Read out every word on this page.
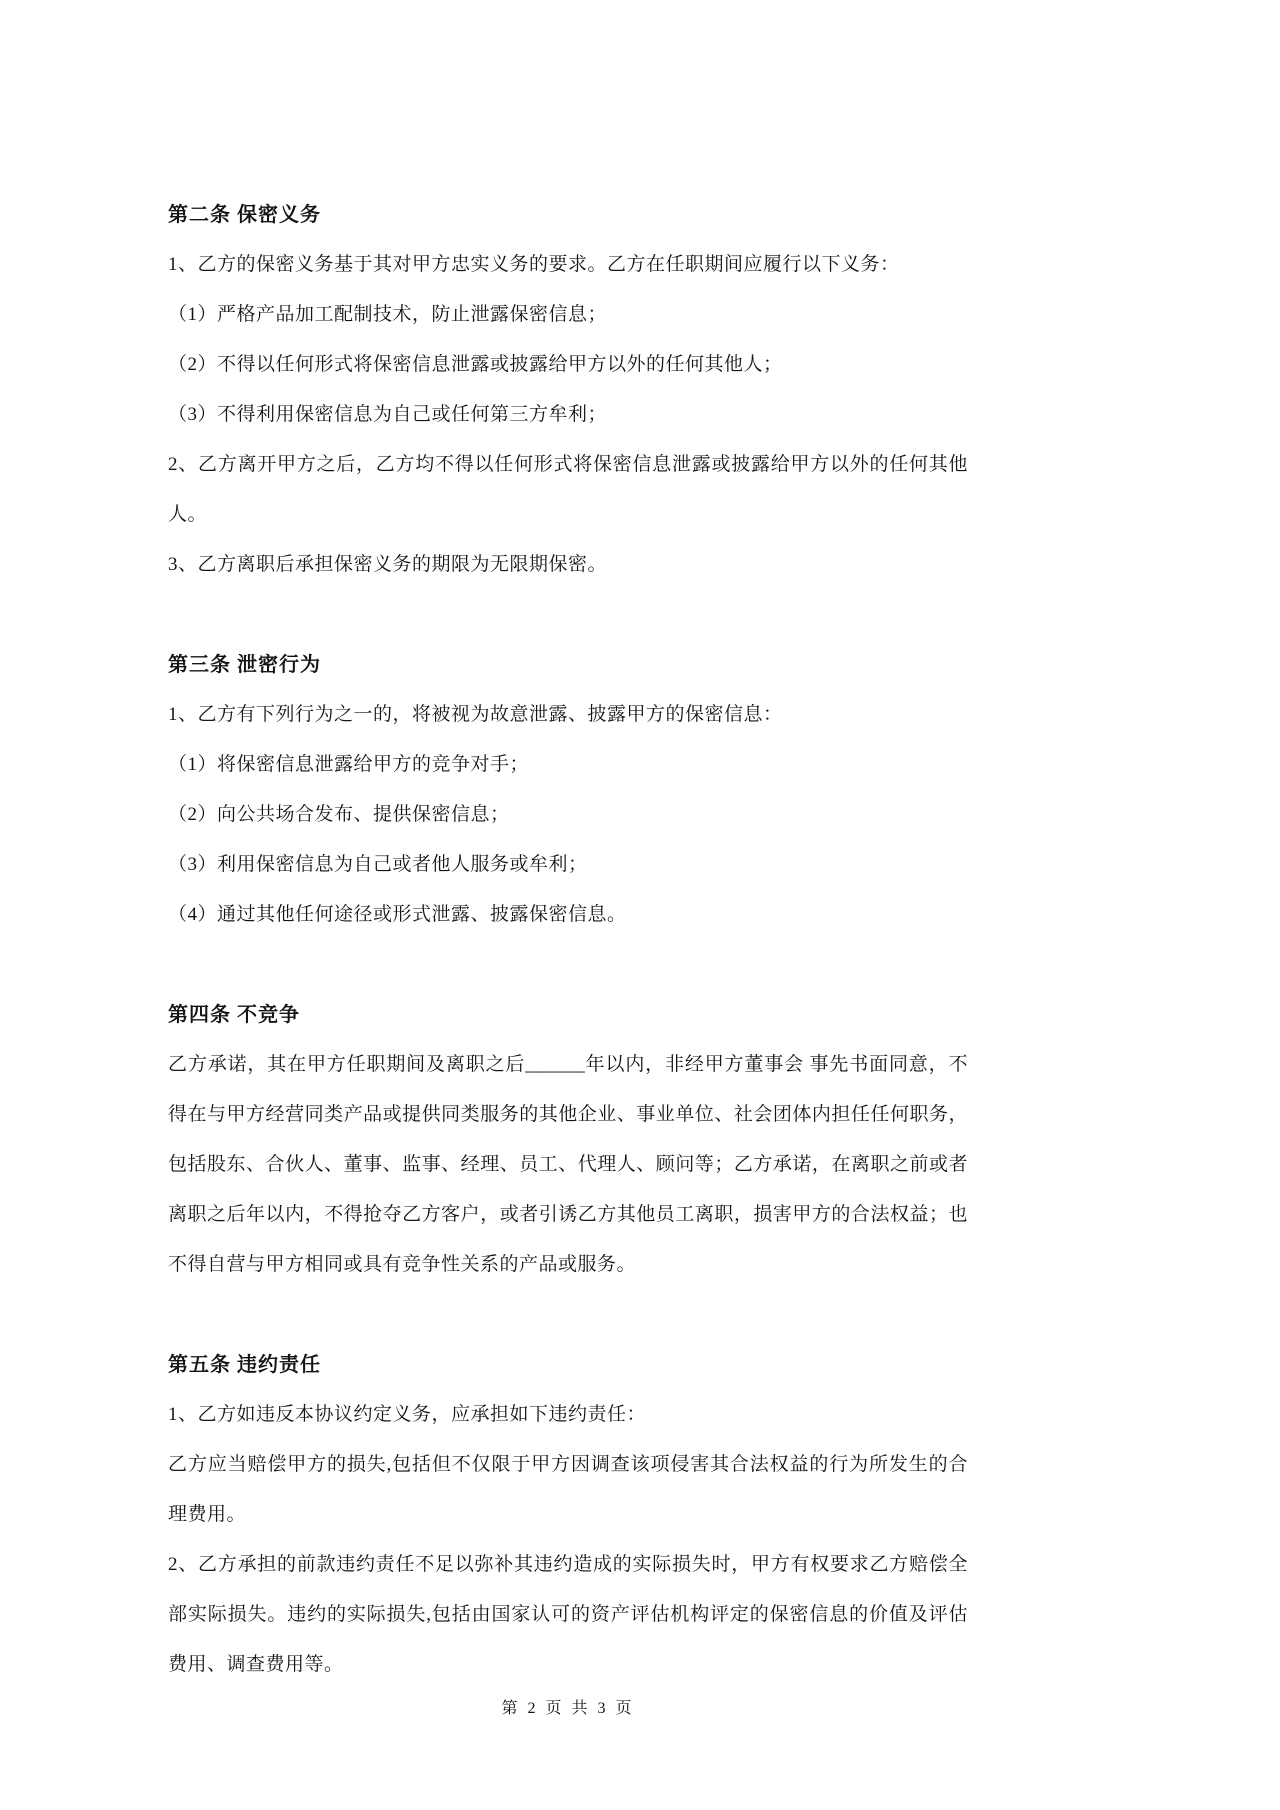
第二条 保密义务

1、乙方的保密义务基于其对甲方忠实义务的要求。乙方在任职期间应履行以下义务：

（1）严格产品加工配制技术，防止泄露保密信息；

（2）不得以任何形式将保密信息泄露或披露给甲方以外的任何其他人；

（3）不得利用保密信息为自己或任何第三方牟利；

2、乙方离开甲方之后，乙方均不得以任何形式将保密信息泄露或披露给甲方以外的任何其他人。

3、乙方离职后承担保密义务的期限为无限期保密。

第三条 泄密行为

1、乙方有下列行为之一的，将被视为故意泄露、披露甲方的保密信息：

（1）将保密信息泄露给甲方的竞争对手；

（2）向公共场合发布、提供保密信息；

（3）利用保密信息为自己或者他人服务或牟利；

（4）通过其他任何途径或形式泄露、披露保密信息。

第四条 不竞争

乙方承诺，其在甲方任职期间及离职之后______年以内，非经甲方董事会 事先书面同意，不得在与甲方经营同类产品或提供同类服务的其他企业、事业单位、社会团体内担任任何职务，包括股东、合伙人、董事、监事、经理、员工、代理人、顾问等；乙方承诺，在离职之前或者离职之后年以内，不得抢夺乙方客户，或者引诱乙方其他员工离职，损害甲方的合法权益；也不得自营与甲方相同或具有竞争性关系的产品或服务。

第五条 违约责任

1、乙方如违反本协议约定义务，应承担如下违约责任：

乙方应当赔偿甲方的损失,包括但不仅限于甲方因调查该项侵害其合法权益的行为所发生的合理费用。

2、乙方承担的前款违约责任不足以弥补其违约造成的实际损失时，甲方有权要求乙方赔偿全部实际损失。违约的实际损失,包括由国家认可的资产评估机构评定的保密信息的价值及评估费用、调查费用等。

第 2 页 共 3 页
